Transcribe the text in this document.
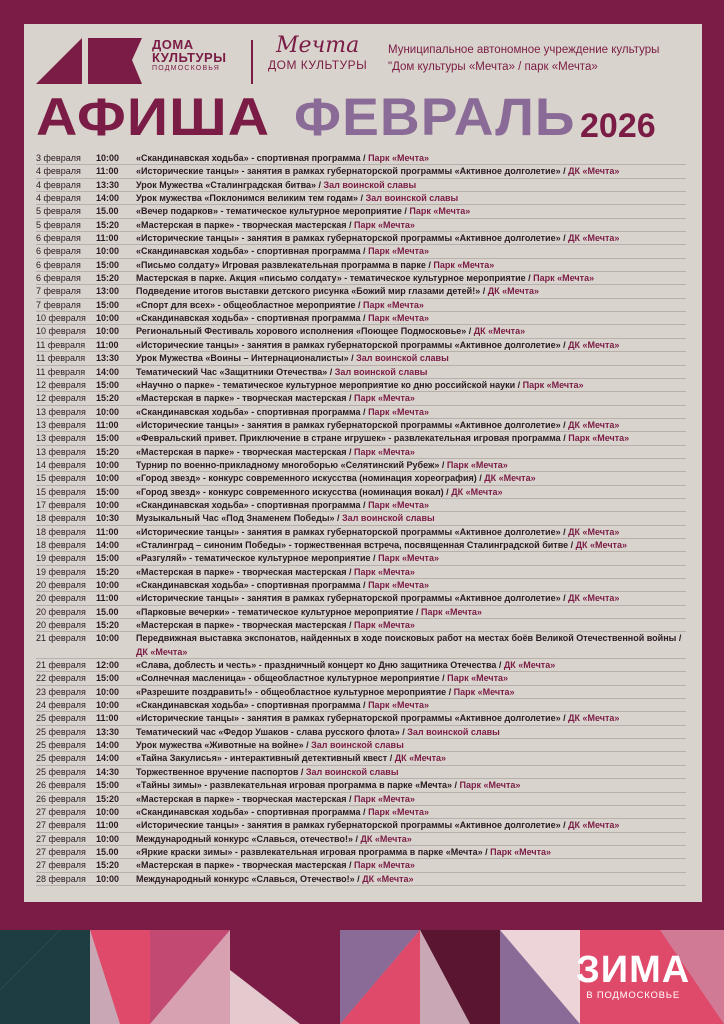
ДОМА
КУЛЬТУРЫ
ПОДМОСКОВЬЯ
Мечта
ДОМ КУЛЬТУРЫ
Муниципальное автономное учреждение культуры
"Дом культуры «Мечта» / парк «Мечта»
АФИША ФЕВРАЛЬ 2026
3 февраля	10:00	«Скандинавская ходьба» - спортивная программа / Парк «Мечта»
4 февраля	11:00	«Исторические танцы» - занятия в рамках губернаторской программы «Активное долголетие» / ДК «Мечта»
4 февраля	13:30	Урок Мужества «Сталинградская битва» / Зал воинской славы
4 февраля	14:00	Урок мужества «Поклонимся великим тем годам» / Зал воинской славы
5 февраля	15.00	«Вечер подарков» - тематическое культурное мероприятие / Парк «Мечта»
5 февраля	15:20	«Мастерская в парке» - творческая мастерская / Парк «Мечта»
6 февраля	11:00	«Исторические танцы» - занятия в рамках губернаторской программы «Активное долголетие» / ДК «Мечта»
6 февраля	10:00	«Скандинавская ходьба» - спортивная программа / Парк «Мечта»
6 февраля	15:00	«Письмо солдату» Игровая развлекательная программа в парке / Парк «Мечта»
6 февраля	15:20	Мастерская в парке. Акция «письмо солдату» - тематическое культурное мероприятие / Парк «Мечта»
7 февраля	13:00	Подведение итогов выставки детского рисунка «Божий мир глазами детей!» / ДК «Мечта»
7 февраля	15:00	«Спорт для всех» - общеобластное мероприятие / Парк «Мечта»
10 февраля	10:00	«Скандинавская ходьба» - спортивная программа / Парк «Мечта»
10 февраля	10:00	Региональный Фестиваль хорового исполнения «Поющее Подмосковье» / ДК «Мечта»
11 февраля	11:00	«Исторические танцы» - занятия в рамках губернаторской программы «Активное долголетие» / ДК «Мечта»
11 февраля	13:30	Урок Мужества «Воины – Интернационалисты» / Зал воинской славы
11 февраля	14:00	Тематический Час «Защитники Отечества» / Зал воинской славы
12 февраля	15:00	«Научно о парке» - тематическое культурное мероприятие ко дню российской науки / Парк «Мечта»
12 февраля	15:20	«Мастерская в парке» - творческая мастерская / Парк «Мечта»
13 февраля	10:00	«Скандинавская ходьба» - спортивная программа / Парк «Мечта»
13 февраля	11:00	«Исторические танцы» - занятия в рамках губернаторской программы «Активное долголетие» / ДК «Мечта»
13 февраля	15:00	«Февральский привет. Приключение в стране игрушек» - развлекательная игровая программа / Парк «Мечта»
13 февраля	15:20	«Мастерская в парке» - творческая мастерская / Парк «Мечта»
14 февраля	10:00	Турнир по военно-прикладному многоборью «Селятинский Рубеж» / Парк «Мечта»
15 февраля	10:00	«Город звезд» - конкурс современного искусства (номинация хореография) / ДК «Мечта»
15 февраля	15:00	«Город звезд» - конкурс современного искусства (номинация вокал) / ДК «Мечта»
17 февраля	10:00	«Скандинавская ходьба» - спортивная программа / Парк «Мечта»
18 февраля	10:30	Музыкальный Час «Под Знаменем Победы» / Зал воинской славы
18 февраля	11:00	«Исторические танцы» - занятия в рамках губернаторской программы «Активное долголетие» / ДК «Мечта»
18 февраля	14:00	«Сталинград – синоним Победы» - торжественная встреча, посвященная Сталинградской битве / ДК «Мечта»
19 февраля	15:00	«Разгуляй» - тематическое культурное мероприятие / Парк «Мечта»
19 февраля	15:20	«Мастерская в парке» - творческая мастерская / Парк «Мечта»
20 февраля	10:00	«Скандинавская ходьба» - спортивная программа / Парк «Мечта»
20 февраля	11:00	«Исторические танцы» - занятия в рамках губернаторской программы «Активное долголетие» / ДК «Мечта»
20 февраля	15.00	«Парковые вечерки» - тематическое культурное мероприятие / Парк «Мечта»
20 февраля	15:20	«Мастерская в парке» - творческая мастерская / Парк «Мечта»
21 февраля	10:00	Передвижная выставка экспонатов, найденных в ходе поисковых работ на местах боёв Великой Отечественной войны / ДК «Мечта»
21 февраля	12:00	«Слава, доблесть и честь» - праздничный концерт ко Дню защитника Отечества / ДК «Мечта»
22 февраля	15:00	«Солнечная масленица» - общеобластное культурное мероприятие / Парк «Мечта»
23 февраля	10:00	«Разрешите поздравить!» - общеобластное культурное мероприятие / Парк «Мечта»
24 февраля	10:00	«Скандинавская ходьба» - спортивная программа / Парк «Мечта»
25 февраля	11:00	«Исторические танцы» - занятия в рамках губернаторской программы «Активное долголетие» / ДК «Мечта»
25 февраля	13:30	Тематический час «Федор Ушаков - слава русского флота» / Зал воинской славы
25 февраля	14:00	Урок мужества «Животные на войне» / Зал воинской славы
25 февраля	14:00	«Тайна Закулисья» - интерактивный детективный квест / ДК «Мечта»
25 февраля	14:30	Торжественное вручение паспортов / Зал воинской славы
26 февраля	15:00	«Тайны зимы» - развлекательная игровая программа в парке «Мечта» / Парк «Мечта»
26 февраля	15:20	«Мастерская в парке» - творческая мастерская / Парк «Мечта»
27 февраля	10:00	«Скандинавская ходьба» - спортивная программа / Парк «Мечта»
27 февраля	11:00	«Исторические танцы» - занятия в рамках губернаторской программы «Активное долголетие» / ДК «Мечта»
27 февраля	10:00	Международный конкурс «Славься, отечество!» / ДК «Мечта»
27 февраля	15.00	«Яркие краски зимы» - развлекательная игровая программа в парке «Мечта» / Парк «Мечта»
27 февраля	15:20	«Мастерская в парке» - творческая мастерская / Парк «Мечта»
28 февраля	10:00	Международный конкурс «Славься, Отечество!» / ДК «Мечта»
ЗИМА
В ПОДМОСКОВЬЕ
